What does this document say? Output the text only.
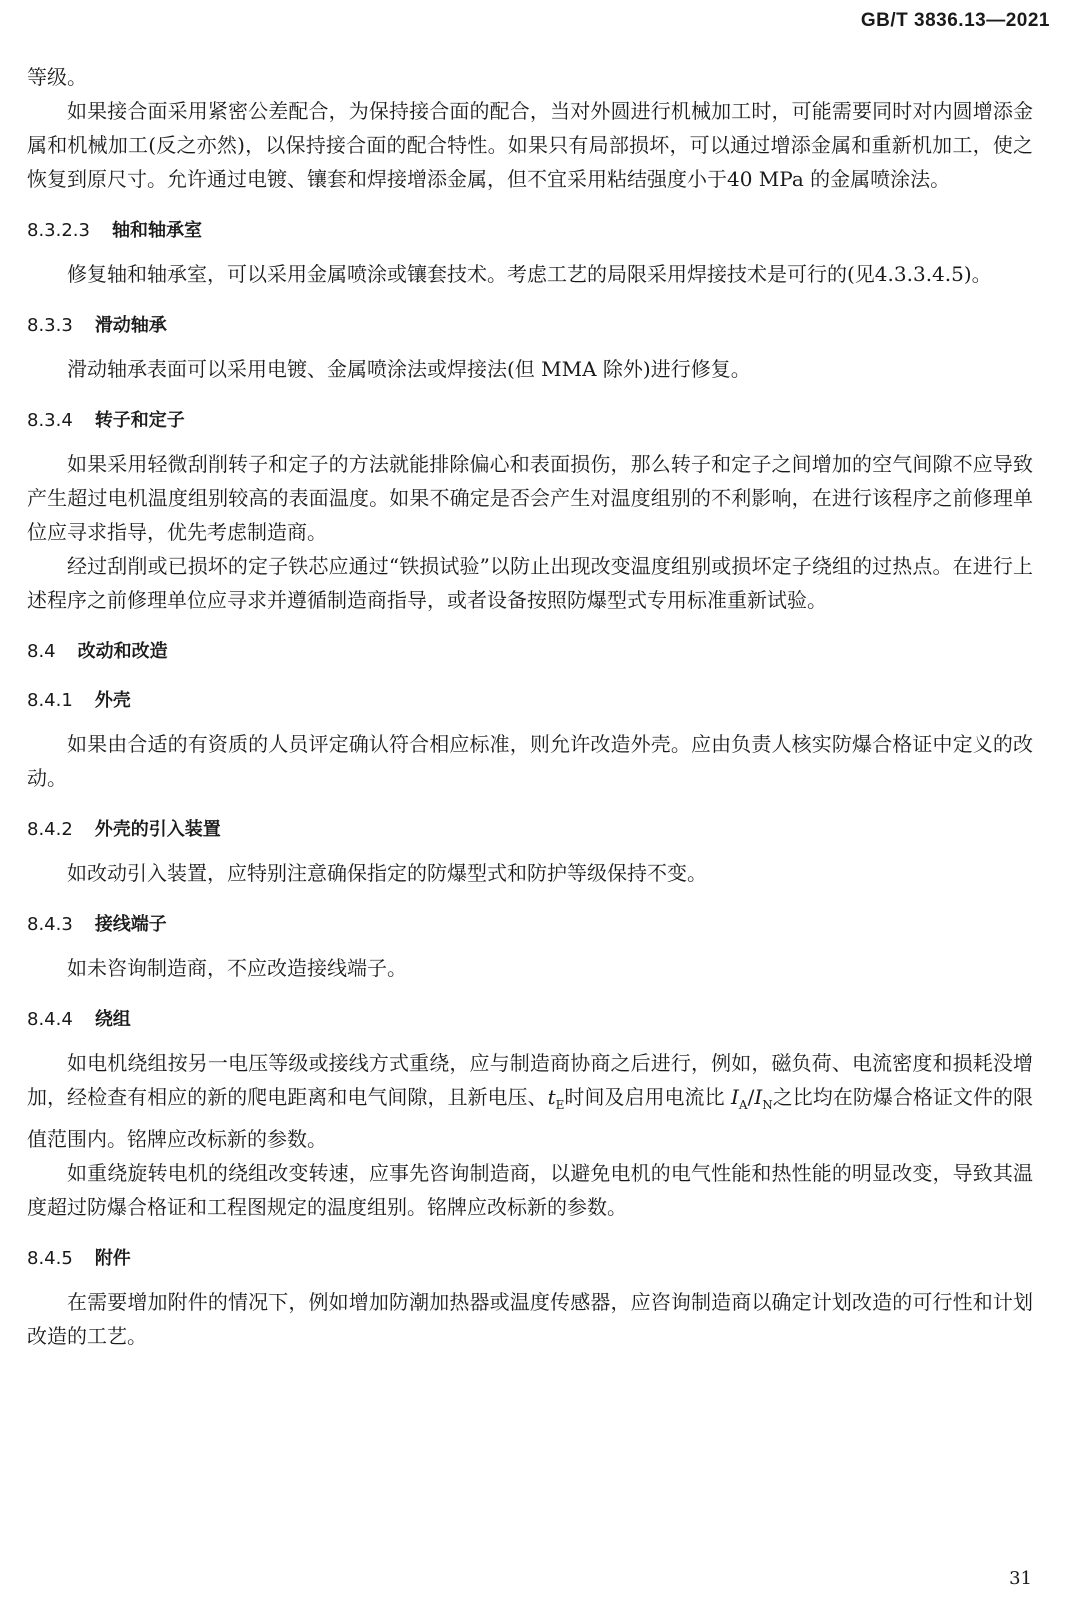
GB/T 3836.13—2021

等级。

如果接合面采用紧密公差配合，为保持接合面的配合，当对外圆进行机械加工时，可能需要同时对内圆增添金属和机械加工(反之亦然)，以保持接合面的配合特性。如果只有局部损坏，可以通过增添金属和重新机加工，使之恢复到原尺寸。允许通过电镀、镶套和焊接增添金属，但不宜采用粘结强度小于40 MPa 的金属喷涂法。

8.3.2.3 轴和轴承室

修复轴和轴承室，可以采用金属喷涂或镶套技术。考虑工艺的局限采用焊接技术是可行的(见4.3.3.4.5)。

8.3.3 滑动轴承

滑动轴承表面可以采用电镀、金属喷涂法或焊接法(但 MMA 除外)进行修复。

8.3.4 转子和定子

如果采用轻微刮削转子和定子的方法就能排除偏心和表面损伤，那么转子和定子之间增加的空气间隙不应导致产生超过电机温度组别较高的表面温度。如果不确定是否会产生对温度组别的不利影响，在进行该程序之前修理单位应寻求指导，优先考虑制造商。

经过刮削或已损坏的定子铁芯应通过“铁损试验”以防止出现改变温度组别或损坏定子绕组的过热点。在进行上述程序之前修理单位应寻求并遵循制造商指导，或者设备按照防爆型式专用标准重新试验。

8.4 改动和改造
8.4.1 外壳

如果由合适的有资质的人员评定确认符合相应标准，则允许改造外壳。应由负责人核实防爆合格证中定义的改动。

8.4.2 外壳的引入装置

如改动引入装置，应特别注意确保指定的防爆型式和防护等级保持不变。

8.4.3 接线端子

如未咨询制造商，不应改造接线端子。

8.4.4 绕组

如电机绕组按另一电压等级或接线方式重绕，应与制造商协商之后进行，例如，磁负荷、电流密度和损耗没增加，经检查有相应的新的爬电距离和电气间隙，且新电压、$t_E$时间及启用电流比 $I_A/I_N$之比均在防爆合格证文件的限值范围内。铭牌应改标新的参数。

如重绕旋转电机的绕组改变转速，应事先咨询制造商，以避免电机的电气性能和热性能的明显改变，导致其温度超过防爆合格证和工程图规定的温度组别。铭牌应改标新的参数。

8.4.5 附件

在需要增加附件的情况下，例如增加防潮加热器或温度传感器，应咨询制造商以确定计划改造的可行性和计划改造的工艺。

31
